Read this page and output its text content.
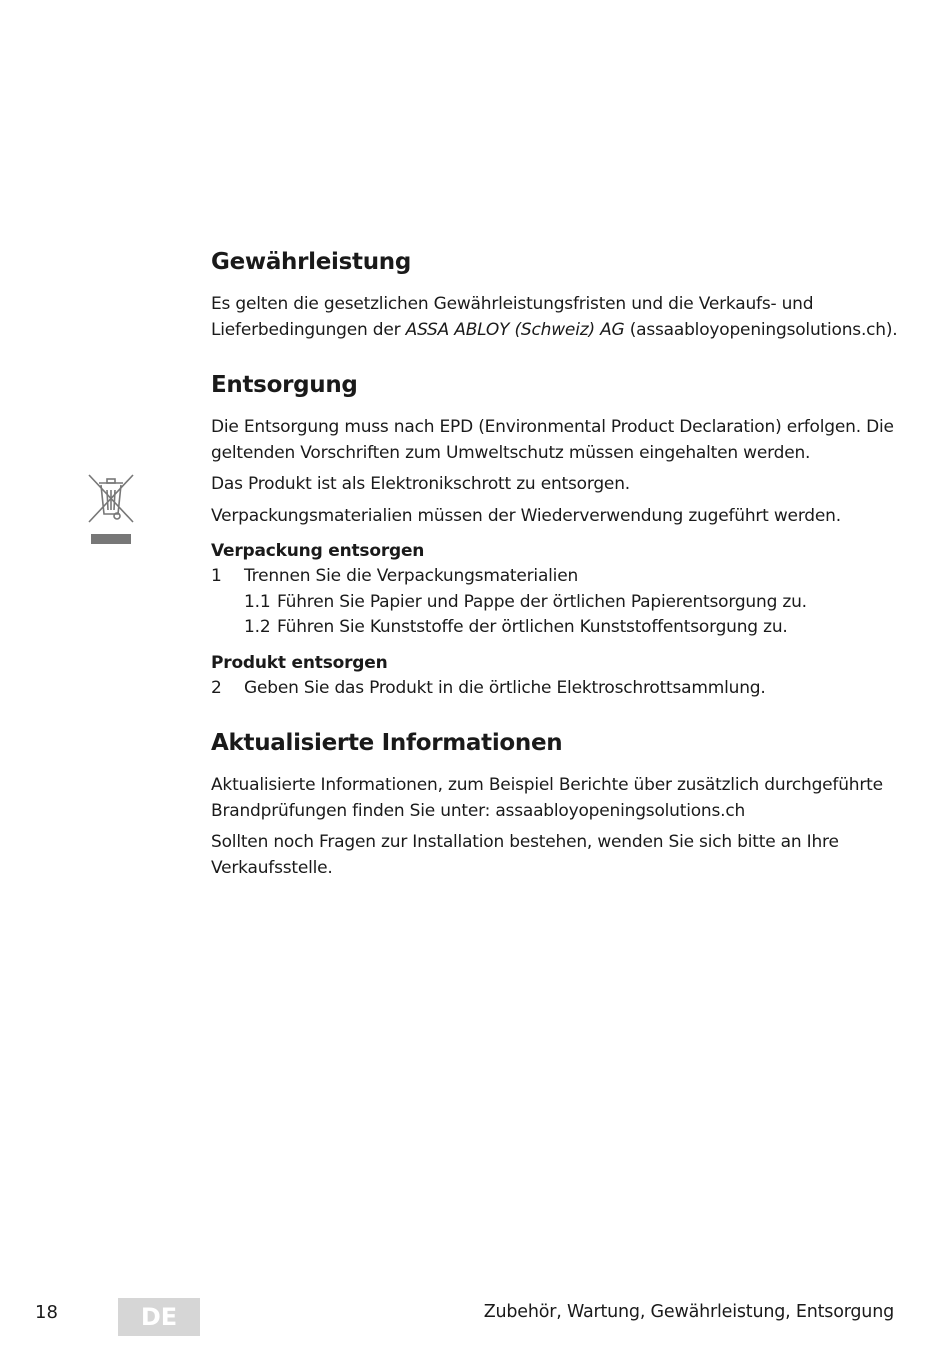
Gewährleistung

Es gelten die gesetzlichen Gewährleistungsfristen und die Verkaufs- und Lieferbedingungen der ASSA ABLOY (Schweiz) AG (assaabloyopeningsolutions.ch).

Entsorgung

Die Entsorgung muss nach EPD (Environmental Product Declaration) erfolgen. Die geltenden Vorschriften zum Umweltschutz müssen eingehalten werden.

Das Produkt ist als Elektronikschrott zu entsorgen.

Verpackungsmaterialien müssen der Wiederverwendung zugeführt werden.

Verpackung entsorgen
1	Trennen Sie die Verpackungsmaterialien
1.1 Führen Sie Papier und Pappe der örtlichen Papierentsorgung zu.
1.2 Führen Sie Kunststoffe der örtlichen Kunststoffentsorgung zu.
Produkt entsorgen
2	Geben Sie das Produkt in die örtliche Elektroschrottsammlung.
Aktualisierte Informationen

Aktualisierte Informationen, zum Beispiel Berichte über zusätzlich durchgeführte Brandprüfungen finden Sie unter: assaabloyopeningsolutions.ch

Sollten noch Fragen zur Installation bestehen, wenden Sie sich bitte an Ihre Verkaufsstelle.

18	DE	Zubehör, Wartung, Gewährleistung, Entsorgung
